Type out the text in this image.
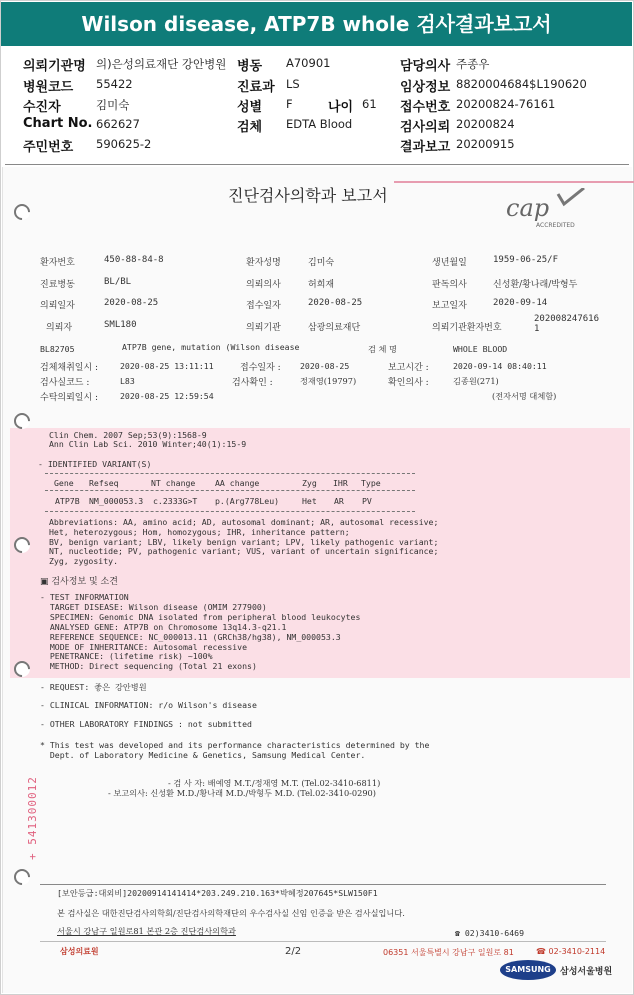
Wilson disease, ATP7B whole 검사결과보고서
의뢰기관명 의)은성의료재단 강안병원 병동 A70901	담당의사 주종우
병원코드 55422	진료과 LS	임상정보 8820004684$L190620
수진자	김미숙	성별 F	나이 61 접수번호 20200824-76161
Chart No. 662627	검체 EDTA Blood	검사의뢰 20200824
주민번호 590625-2	결과보고 20200915
진단검사의학과 보고서	cap
ACCREDITED
환자번호	450-88-84-8	환자성명	김미숙	생년월일	1959-06-25/F
진료병동	BL/BL	의뢰의사	허희재	판독의사	신성환/황나래/박형두
의뢰일자	2020-08-25	접수일자	2020-08-25	보고일자	2020-09-14
의뢰자	SML180	의뢰기관	삼광의료재단	의뢰기관환자번호
202008247616
1
BL82705	ATP7B gene, mutation (Wilson disease	검 체 명	WHOLE BLOOD
검체채취일시 :	2020-08-25 13:11:11	접수일자 : 2020-08-25	보고시간 :	2020-09-14 08:40:11
검사실코드 :	L83	검사확인 :	정재영(19797)	확인의사 :	김종원(271)
수탁의뢰일시 :	2020-08-25 12:59:54	(전자서명 대체함)
Clin Chem. 2007 Sep;53(9):1568-9
Ann Clin Lab Sci. 2010 Winter;40(1):15-9
- IDENTIFIED VARIANT(S)
Gene Refseq	NT change AA change	Zyg IHR Type
ATP7B NM_000053.3 c.2333G>T p.(Arg778Leu)	Het AR PV
Abbreviations: AA, amino acid; AD, autosomal dominant; AR, autosomal recessive;
Het, heterozygous; Hom, homozygous; IHR, inheritance pattern;
BV, benign variant; LBV, likely benign variant; LPV, likely pathogenic variant;
NT, nucleotide; PV, pathogenic variant; VUS, variant of uncertain significance;
Zyg, zygosity.
▣ 검사정보 및 소견
- TEST INFORMATION
TARGET DISEASE: Wilson disease (OMIM 277900)
SPECIMEN: Genomic DNA isolated from peripheral blood leukocytes
ANALYSED GENE: ATP7B on Chromosome 13q14.3-q21.1
REFERENCE SEQUENCE: NC_000013.11 (GRCh38/hg38), NM_000053.3
MODE OF INHERITANCE: Autosomal recessive
PENETRANCE: (lifetime risk) ~100%
METHOD: Direct sequencing (Total 21 exons)
- REQUEST: 좋은 강안병원
- CLINICAL INFORMATION: r/o Wilson's disease
- OTHER LABORATORY FINDINGS : not submitted
* This test was developed and its performance characteristics determined by the
Dept. of Laboratory Medicine & Genetics, Samsung Medical Center.
- 검 사 자: 배예영 M.T./정재영 M.T. (Tel.02-3410-6811)
- 보고의사: 신성환 M.D./황나래 M.D./박형두 M.D. (Tel.02-3410-0290)
+ 541300012
[보안등급:대외비]20200914141414*203.249.210.163*박혜정207645*SLW150F1
본 검사실은 대한진단검사의학회/진단검사의학재단의 우수검사실 신임 인증을 받은 검사실입니다.
서울시 강남구 일원로81 본관 2층 진단검사의학과	☎ 02)3410-6469
삼성의료원	2/2	06351 서울특별시 강남구 일원로 81	☎ 02-3410-2114
SAMSUNG	삼성서울병원
